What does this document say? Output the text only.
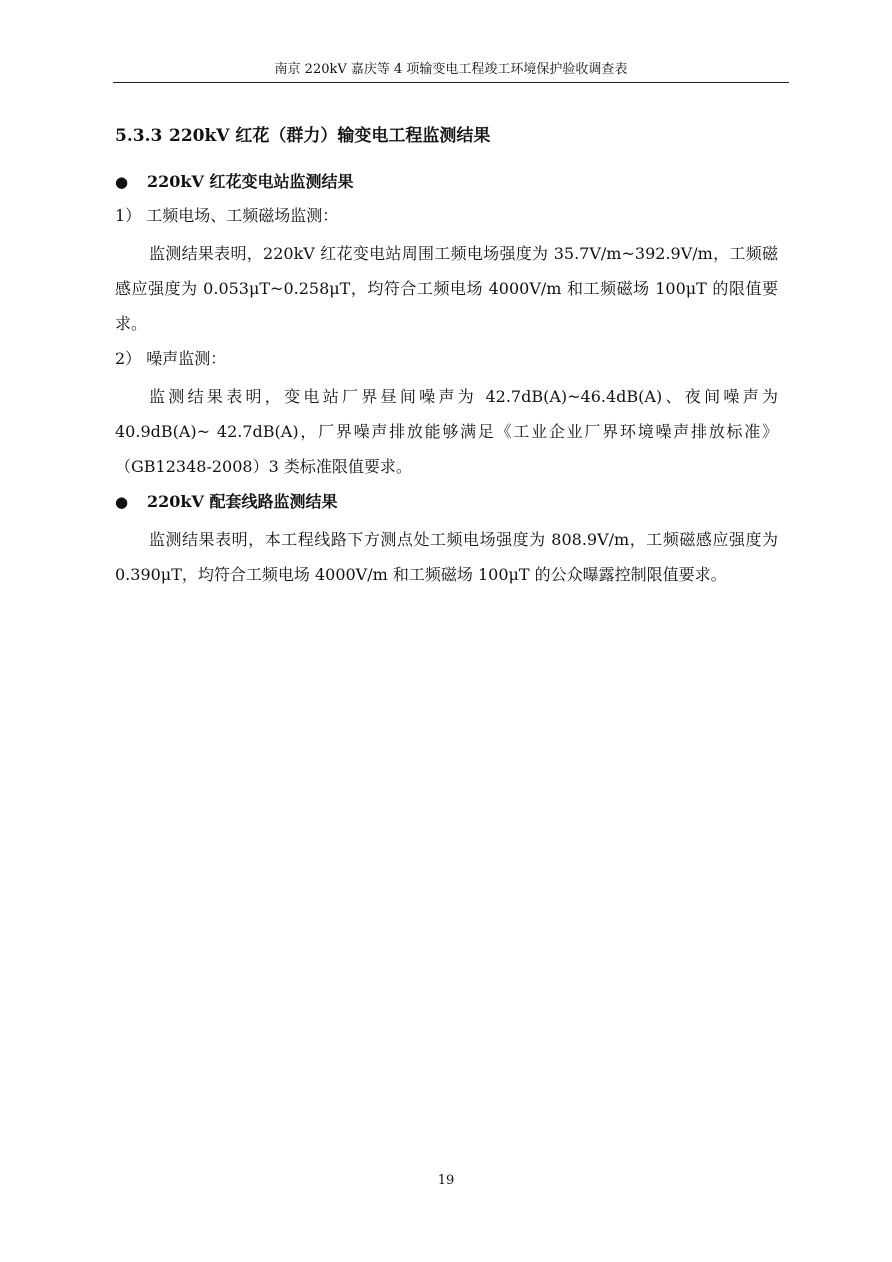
南京 220kV 嘉庆等 4 项输变电工程竣工环境保护验收调查表
5.3.3 220kV 红花（群力）输变电工程监测结果
● 220kV 红花变电站监测结果
1） 工频电场、工频磁场监测：

监测结果表明，220kV 红花变电站周围工频电场强度为 35.7V/m~392.9V/m，工频磁感应强度为 0.053μT~0.258μT，均符合工频电场 4000V/m 和工频磁场 100μT 的限值要求。

2） 噪声监测：

监测结果表明，变电站厂界昼间噪声为 42.7dB(A)~46.4dB(A)、夜间噪声为 40.9dB(A)~ 42.7dB(A)，厂界噪声排放能够满足《工业企业厂界环境噪声排放标准》（GB12348-2008）3 类标准限值要求。

● 220kV 配套线路监测结果

监测结果表明，本工程线路下方测点处工频电场强度为 808.9V/m，工频磁感应强度为 0.390μT，均符合工频电场 4000V/m 和工频磁场 100μT 的公众曝露控制限值要求。

19
